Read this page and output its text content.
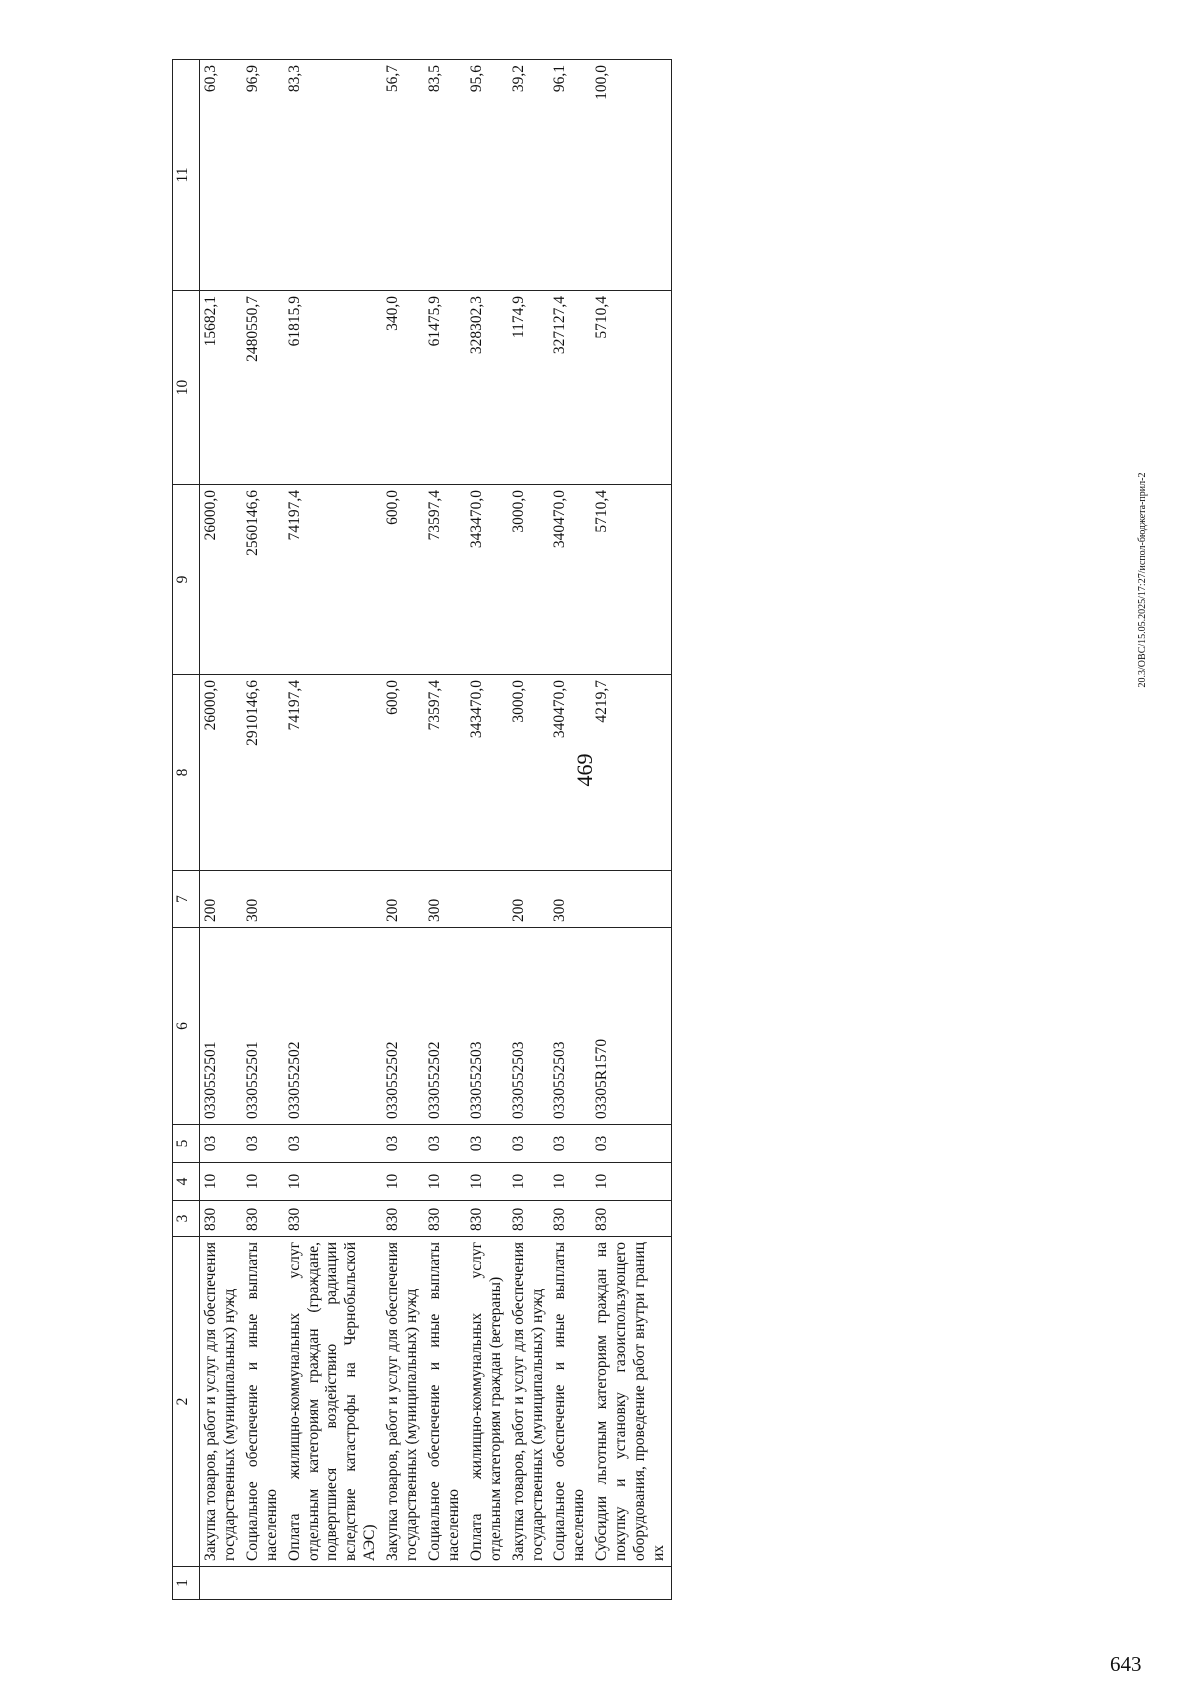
469
643
20.3/ОВС/15.05.2025/17:27/испол-бюджета-прил-2
1	2	3	4	5	6	7	8	9	10	11
	Закупка товаров, работ и услуг для обеспечения государственных (муниципальных) нужд	830	10	03	0330552501	200	26000,0	26000,0	15682,1	60,3
	Социальное обеспечение и иные выплаты населению	830	10	03	0330552501	300	2910146,6	2560146,6	2480550,7	96,9
	Оплата жилищно-коммунальных услуг отдельным категориям граждан (граждане, подвергшиеся воздействию радиации вследствие катастрофы на Чернобыльской АЭС)	830	10	03	0330552502		74197,4	74197,4	61815,9	83,3
	Закупка товаров, работ и услуг для обеспечения государственных (муниципальных) нужд	830	10	03	0330552502	200	600,0	600,0	340,0	56,7
	Социальное обеспечение и иные выплаты населению	830	10	03	0330552502	300	73597,4	73597,4	61475,9	83,5
	Оплата жилищно-коммунальных услуг отдельным категориям граждан (ветераны)	830	10	03	0330552503		343470,0	343470,0	328302,3	95,6
	Закупка товаров, работ и услуг для обеспечения государственных (муниципальных) нужд	830	10	03	0330552503	200	3000,0	3000,0	1174,9	39,2
	Социальное обеспечение и иные выплаты населению	830	10	03	0330552503	300	340470,0	340470,0	327127,4	96,1
	Субсидии льготным категориям граждан на покупку и установку газоиспользующего оборудования, проведение работ внутри границ их	830	10	03	03305R1570		4219,7	5710,4	5710,4	100,0
